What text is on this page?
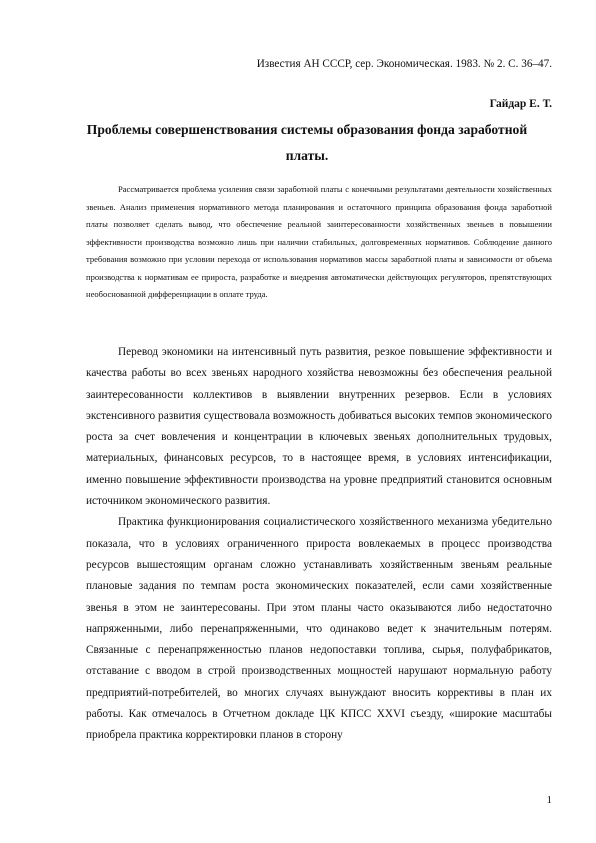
Известия АН СССР, сер. Экономическая. 1983. № 2. С. 36–47.
Гайдар Е. Т.
Проблемы совершенствования системы образования фонда заработной платы.
Рассматривается проблема усиления связи заработной платы с конечными результатами деятельности хозяйственных звеньев. Анализ применения нормативного метода планирования и остаточного принципа образования фонда заработной платы позволяет сделать вывод, что обеспечение реальной заинтересованности хозяйственных звеньев в повышении эффективности производства возможно лишь при наличии стабильных, долговременных нормативов. Соблюдение данного требования возможно при условии перехода от использования нормативов массы заработной платы и зависимости от объема производства к нормативам ее прироста, разработке и внедрения автоматически действующих регуляторов, препятствующих необоснованной дифференциации в оплате труда.

Перевод экономики на интенсивный путь развития, резкое повышение эффективности и качества работы во всех звеньях народного хозяйства невозможны без обеспечения реальной заинтересованности коллективов в выявлении внутренних резервов. Если в условиях экстенсивного развития существовала возможность добиваться высоких темпов экономического роста за счет вовлечения и концентрации в ключевых звеньях дополнительных трудовых, материальных, финансовых ресурсов, то в настоящее время, в условиях интенсификации, именно повышение эффективности производства на уровне предприятий становится основным источником экономического развития.

Практика функционирования социалистического хозяйственного механизма убедительно показала, что в условиях ограниченного прироста вовлекаемых в процесс производства ресурсов вышестоящим органам сложно устанавливать хозяйственным звеньям реальные плановые задания по темпам роста экономических показателей, если сами хозяйственные звенья в этом не заинтересованы. При этом планы часто оказываются либо недостаточно напряженными, либо перенапряженными, что одинаково ведет к значительным потерям. Связанные с перенапряженностью планов недопоставки топлива, сырья, полуфабрикатов, отставание с вводом в строй производственных мощностей нарушают нормальную работу предприятий-потребителей, во многих случаях вынуждают вносить коррективы в план их работы. Как отмечалось в Отчетном докладе ЦК КПСС XXVI съезду, «широкие масштабы приобрела практика корректировки планов в сторону

1
